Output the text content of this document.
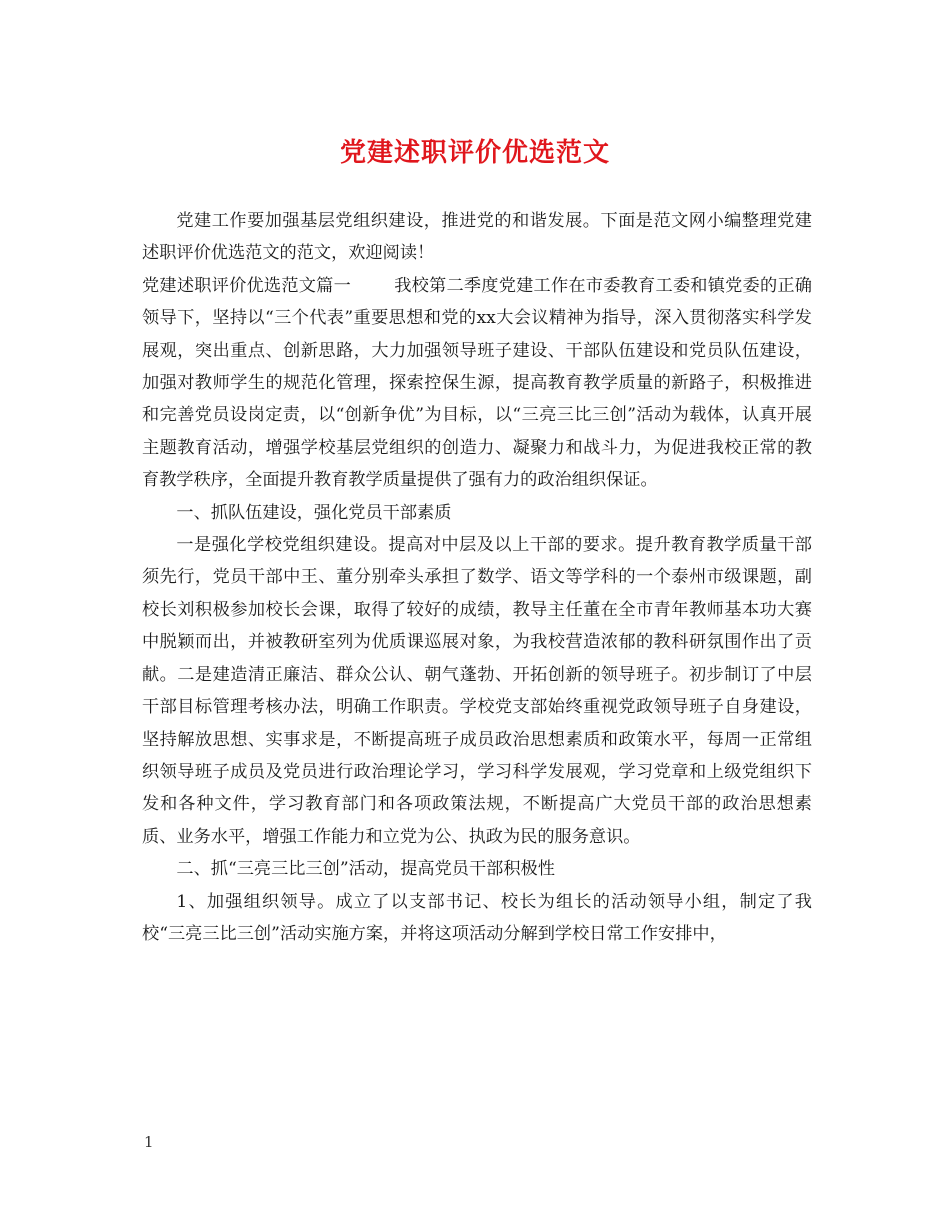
党建述职评价优选范文

党建工作要加强基层党组织建设，推进党的和谐发展。下面是范文网小编整理党建述职评价优选范文的范文，欢迎阅读！

党建述职评价优选范文篇一	我校第二季度党建工作在市委教育工委和镇党委的正确领导下，坚持以“三个代表”重要思想和党的xx大会议精神为指导，深入贯彻落实科学发展观，突出重点、创新思路，大力加强领导班子建设、干部队伍建设和党员队伍建设，加强对教师学生的规范化管理，探索控保生源，提高教育教学质量的新路子，积极推进和完善党员设岗定责，以“创新争优”为目标，以“三亮三比三创”活动为载体，认真开展主题教育活动，增强学校基层党组织的创造力、凝聚力和战斗力，为促进我校正常的教育教学秩序，全面提升教育教学质量提供了强有力的政治组织保证。

一、抓队伍建设，强化党员干部素质

一是强化学校党组织建设。提高对中层及以上干部的要求。提升教育教学质量干部须先行，党员干部中王、董分别牵头承担了数学、语文等学科的一个泰州市级课题，副校长刘积极参加校长会课，取得了较好的成绩，教导主任董在全市青年教师基本功大赛中脱颖而出，并被教研室列为优质课巡展对象，为我校营造浓郁的教科研氛围作出了贡献。二是建造清正廉洁、群众公认、朝气蓬勃、开拓创新的领导班子。初步制订了中层干部目标管理考核办法，明确工作职责。学校党支部始终重视党政领导班子自身建设，坚持解放思想、实事求是，不断提高班子成员政治思想素质和政策水平，每周一正常组织领导班子成员及党员进行政治理论学习，学习科学发展观，学习党章和上级党组织下发和各种文件，学习教育部门和各项政策法规，不断提高广大党员干部的政治思想素质、业务水平，增强工作能力和立党为公、执政为民的服务意识。

二、抓“三亮三比三创”活动，提高党员干部积极性

1、加强组织领导。成立了以支部书记、校长为组长的活动领导小组，制定了我校“三亮三比三创”活动实施方案，并将这项活动分解到学校日常工作安排中，

1
